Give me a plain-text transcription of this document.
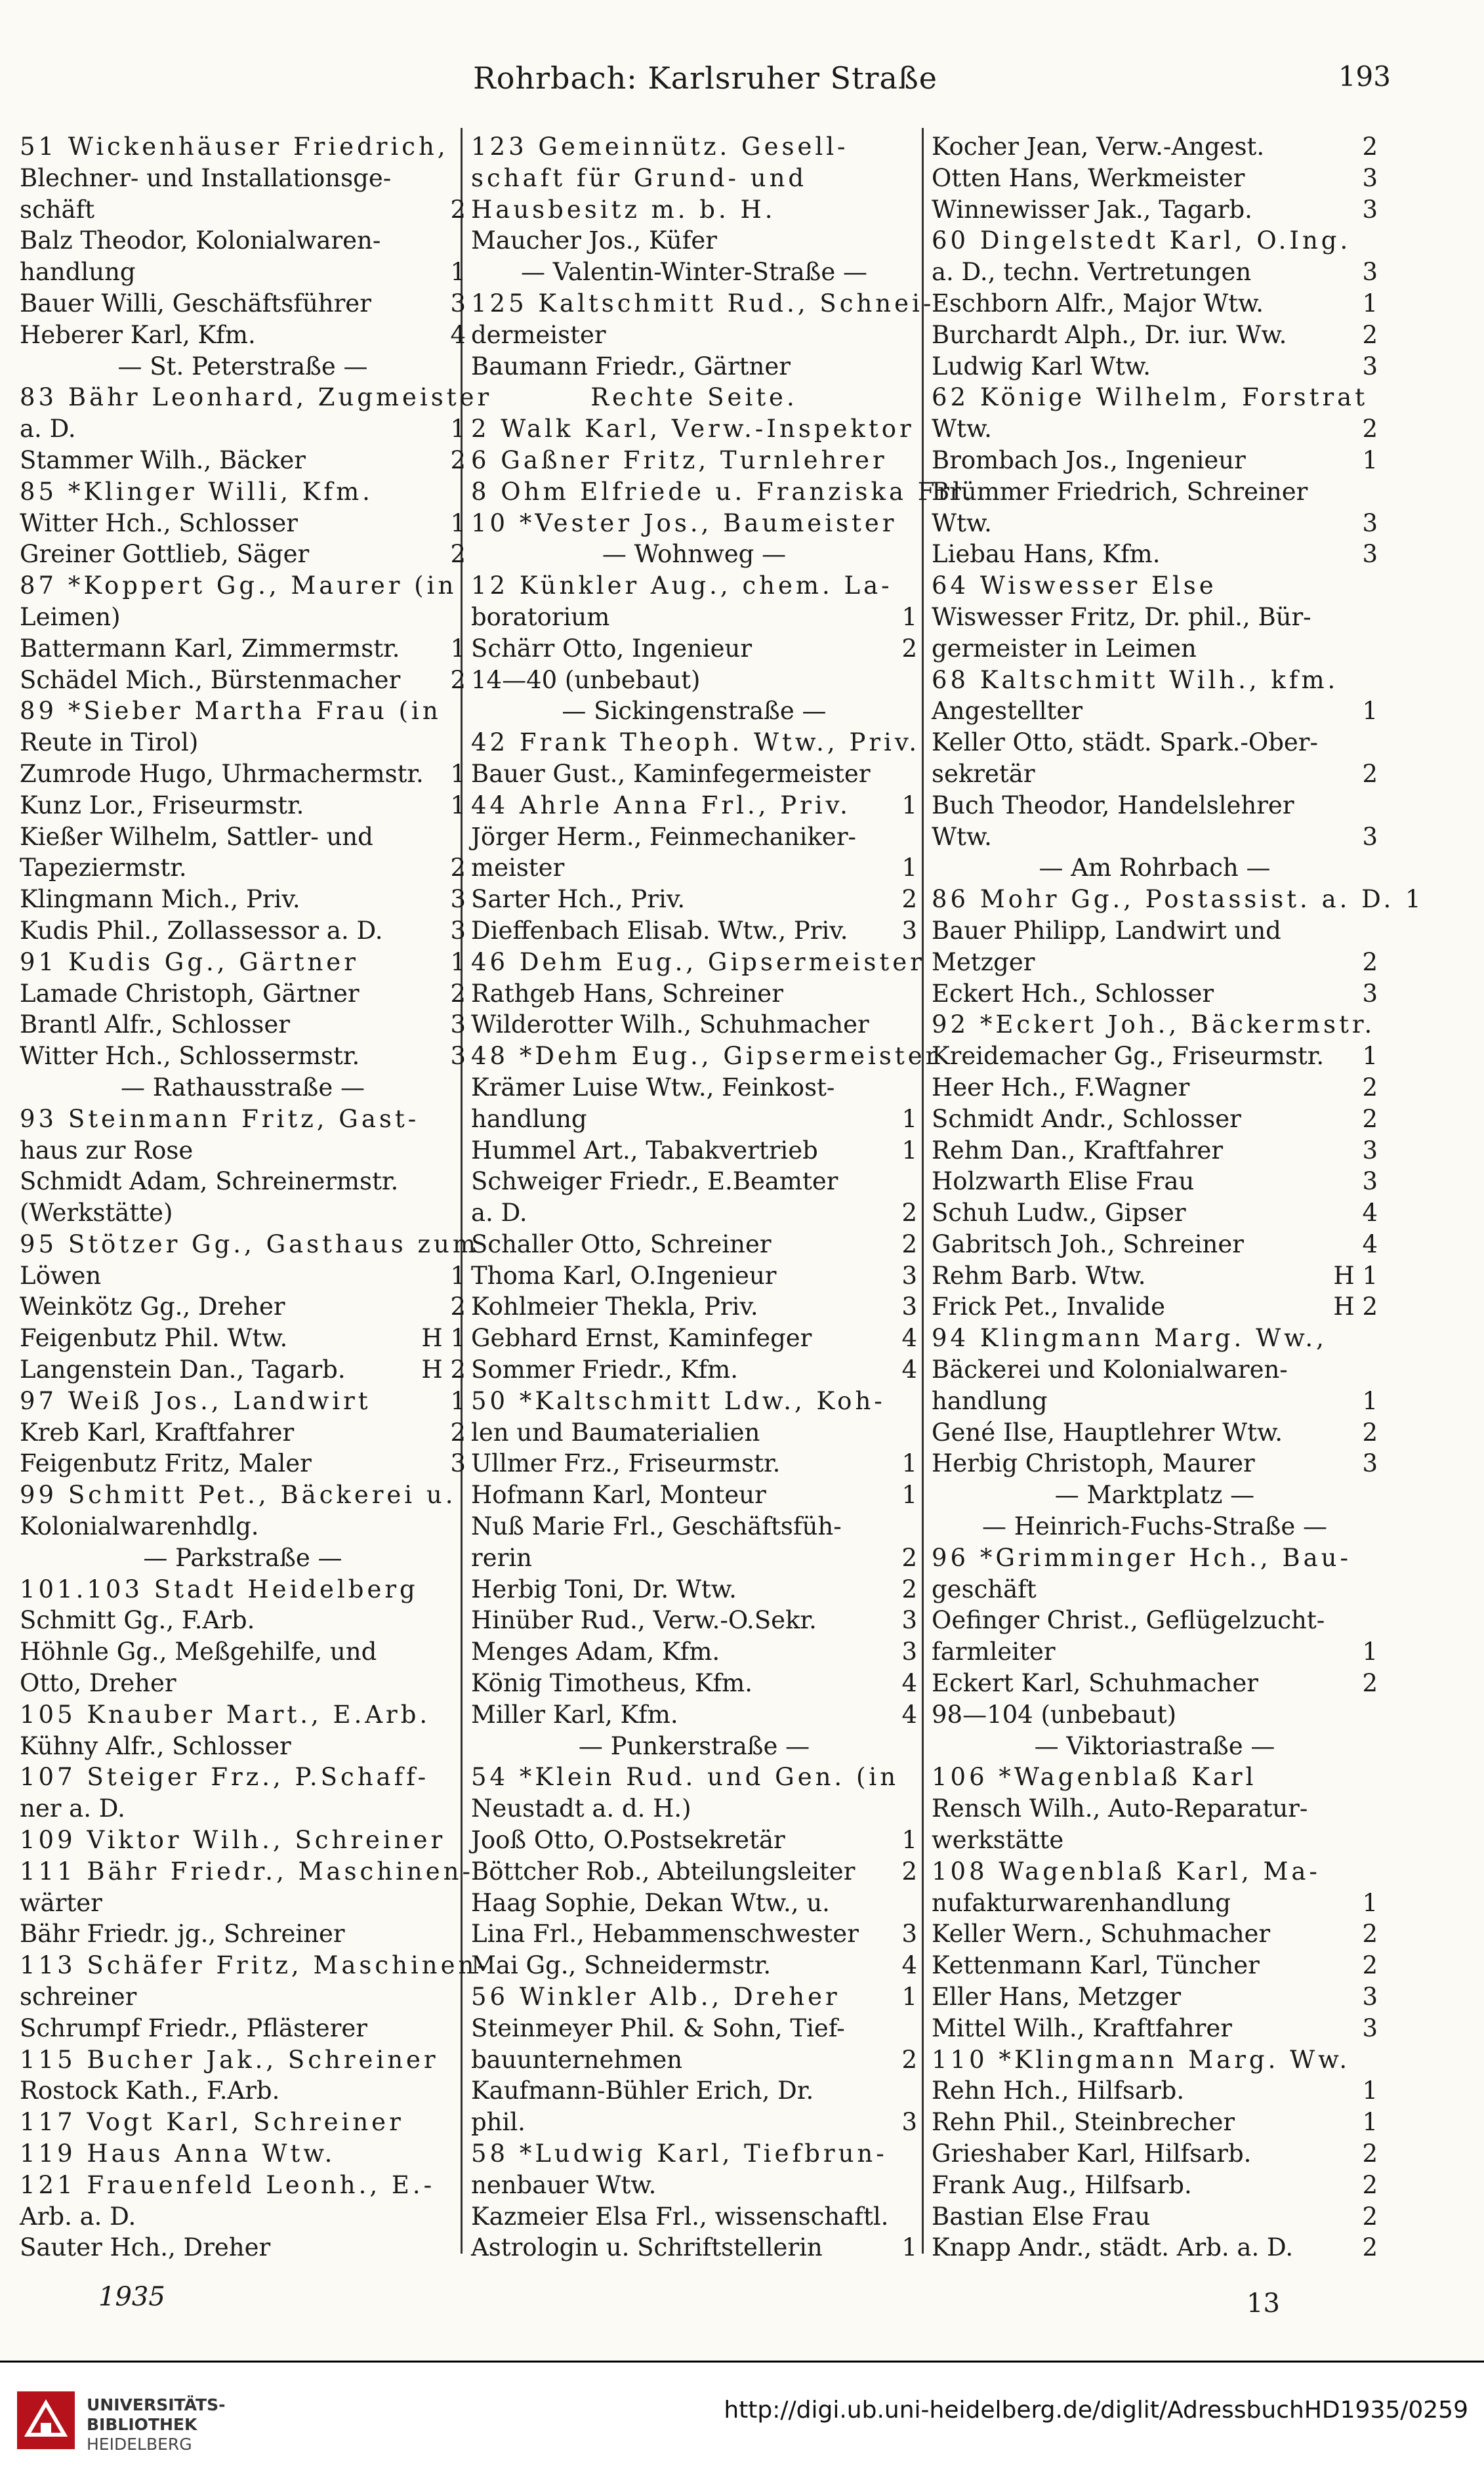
Rohrbach: Karlsruher Straße	193
51 Wickenhäuser Friedrich,
Blechner- und Installationsge-
schäft	2
Balz Theodor, Kolonialwaren-
handlung	1
Bauer Willi, Geschäftsführer	3
Heberer Karl, Kfm.	4
— St. Peterstraße —
83 Bähr Leonhard, Zugmeister
a. D.	1
Stammer Wilh., Bäcker	2
85 *Klinger Willi, Kfm.
Witter Hch., Schlosser	1
Greiner Gottlieb, Säger	2
87 *Koppert Gg., Maurer (in
Leimen)
Battermann Karl, Zimmermstr.	1
Schädel Mich., Bürstenmacher	2
89 *Sieber Martha Frau (in
Reute in Tirol)
Zumrode Hugo, Uhrmachermstr.	1
Kunz Lor., Friseurmstr.	1
Kießer Wilhelm, Sattler- und
Tapeziermstr.	2
Klingmann Mich., Priv.	3
Kudis Phil., Zollassessor a. D.	3
91 Kudis Gg., Gärtner	1
Lamade Christoph, Gärtner	2
Brantl Alfr., Schlosser	3
Witter Hch., Schlossermstr.	3
— Rathausstraße —
93 Steinmann Fritz, Gast-
haus zur Rose
Schmidt Adam, Schreinermstr.
(Werkstätte)
95 Stötzer Gg., Gasthaus zum
Löwen	1
Weinkötz Gg., Dreher	2
Feigenbutz Phil. Wtw.	H 1
Langenstein Dan., Tagarb.	H 2
97 Weiß Jos., Landwirt	1
Kreb Karl, Kraftfahrer	2
Feigenbutz Fritz, Maler	3
99 Schmitt Pet., Bäckerei u.
Kolonialwarenhdlg.
— Parkstraße —
101.103 Stadt Heidelberg
Schmitt Gg., F.Arb.
Höhnle Gg., Meßgehilfe, und
Otto, Dreher
105 Knauber Mart., E.Arb.
Kühny Alfr., Schlosser
107 Steiger Frz., P.Schaff-
ner a. D.
109 Viktor Wilh., Schreiner
111 Bähr Friedr., Maschinen-
wärter
Bähr Friedr. jg., Schreiner
113 Schäfer Fritz, Maschinen-
schreiner
Schrumpf Friedr., Pflästerer
115 Bucher Jak., Schreiner
Rostock Kath., F.Arb.
117 Vogt Karl, Schreiner
119 Haus Anna Wtw.
121 Frauenfeld Leonh., E.-
Arb. a. D.
Sauter Hch., Dreher
123 Gemeinnütz. Gesell-
schaft für Grund- und
Hausbesitz m. b. H.
Maucher Jos., Küfer
— Valentin-Winter-Straße —
125 Kaltschmitt Rud., Schnei-
dermeister
Baumann Friedr., Gärtner
Rechte Seite.
2 Walk Karl, Verw.-Inspektor
6 Gaßner Fritz, Turnlehrer
8 Ohm Elfriede u. Franziska Frl.
10 *Vester Jos., Baumeister
— Wohnweg —
12 Künkler Aug., chem. La-
boratorium	1
Schärr Otto, Ingenieur	2
14—40 (unbebaut)
— Sickingenstraße —
42 Frank Theoph. Wtw., Priv.
Bauer Gust., Kaminfegermeister
44 Ahrle Anna Frl., Priv.	1
Jörger Herm., Feinmechaniker-
meister	1
Sarter Hch., Priv.	2
Dieffenbach Elisab. Wtw., Priv.	3
46 Dehm Eug., Gipsermeister
Rathgeb Hans, Schreiner
Wilderotter Wilh., Schuhmacher
48 *Dehm Eug., Gipsermeister
Krämer Luise Wtw., Feinkost-
handlung	1
Hummel Art., Tabakvertrieb	1
Schweiger Friedr., E.Beamter
a. D.	2
Schaller Otto, Schreiner	2
Thoma Karl, O.Ingenieur	3
Kohlmeier Thekla, Priv.	3
Gebhard Ernst, Kaminfeger	4
Sommer Friedr., Kfm.	4
50 *Kaltschmitt Ldw., Koh-
len und Baumaterialien
Ullmer Frz., Friseurmstr.	1
Hofmann Karl, Monteur	1
Nuß Marie Frl., Geschäftsfüh-
rerin	2
Herbig Toni, Dr. Wtw.	2
Hinüber Rud., Verw.-O.Sekr.	3
Menges Adam, Kfm.	3
König Timotheus, Kfm.	4
Miller Karl, Kfm.	4
— Punkerstraße —
54 *Klein Rud. und Gen. (in
Neustadt a. d. H.)
Jooß Otto, O.Postsekretär	1
Böttcher Rob., Abteilungsleiter	2
Haag Sophie, Dekan Wtw., u.
Lina Frl., Hebammenschwester	3
Mai Gg., Schneidermstr.	4
56 Winkler Alb., Dreher	1
Steinmeyer Phil. & Sohn, Tief-
bauunternehmen	2
Kaufmann-Bühler Erich, Dr.
phil.	3
58 *Ludwig Karl, Tiefbrun-
nenbauer Wtw.
Kazmeier Elsa Frl., wissenschaftl.
Astrologin u. Schriftstellerin	1
Kocher Jean, Verw.-Angest.	2
Otten Hans, Werkmeister	3
Winnewisser Jak., Tagarb.	3
60 Dingelstedt Karl, O.Ing.
a. D., techn. Vertretungen	3
Eschborn Alfr., Major Wtw.	1
Burchardt Alph., Dr. iur. Ww.	2
Ludwig Karl Wtw.	3
62 Könige Wilhelm, Forstrat
Wtw.	2
Brombach Jos., Ingenieur	1
Brümmer Friedrich, Schreiner
Wtw.	3
Liebau Hans, Kfm.	3
64 Wiswesser Else
Wiswesser Fritz, Dr. phil., Bür-
germeister in Leimen
68 Kaltschmitt Wilh., kfm.
Angestellter	1
Keller Otto, städt. Spark.-Ober-
sekretär	2
Buch Theodor, Handelslehrer
Wtw.	3
— Am Rohrbach —
86 Mohr Gg., Postassist. a. D. 1
Bauer Philipp, Landwirt und
Metzger	2
Eckert Hch., Schlosser	3
92 *Eckert Joh., Bäckermstr.
Kreidemacher Gg., Friseurmstr.	1
Heer Hch., F.Wagner	2
Schmidt Andr., Schlosser	2
Rehm Dan., Kraftfahrer	3
Holzwarth Elise Frau	3
Schuh Ludw., Gipser	4
Gabritsch Joh., Schreiner	4
Rehm Barb. Wtw.	H 1
Frick Pet., Invalide	H 2
94 Klingmann Marg. Ww.,
Bäckerei und Kolonialwaren-
handlung	1
Gené Ilse, Hauptlehrer Wtw.	2
Herbig Christoph, Maurer	3
— Marktplatz —
— Heinrich-Fuchs-Straße —
96 *Grimminger Hch., Bau-
geschäft
Oefinger Christ., Geflügelzucht-
farmleiter	1
Eckert Karl, Schuhmacher	2
98—104 (unbebaut)
— Viktoriastraße —
106 *Wagenblaß Karl
Rensch Wilh., Auto-Reparatur-
werkstätte
108 Wagenblaß Karl, Ma-
nufakturwarenhandlung	1
Keller Wern., Schuhmacher	2
Kettenmann Karl, Tüncher	2
Eller Hans, Metzger	3
Mittel Wilh., Kraftfahrer	3
110 *Klingmann Marg. Ww.
Rehn Hch., Hilfsarb.	1
Rehn Phil., Steinbrecher	1
Grieshaber Karl, Hilfsarb.	2
Frank Aug., Hilfsarb.	2
Bastian Else Frau	2
Knapp Andr., städt. Arb. a. D.	2
1935	13
UNIVERSITÄTS-
BIBLIOTHEK
HEIDELBERG
http://digi.ub.uni-heidelberg.de/diglit/AdressbuchHD1935/0259
